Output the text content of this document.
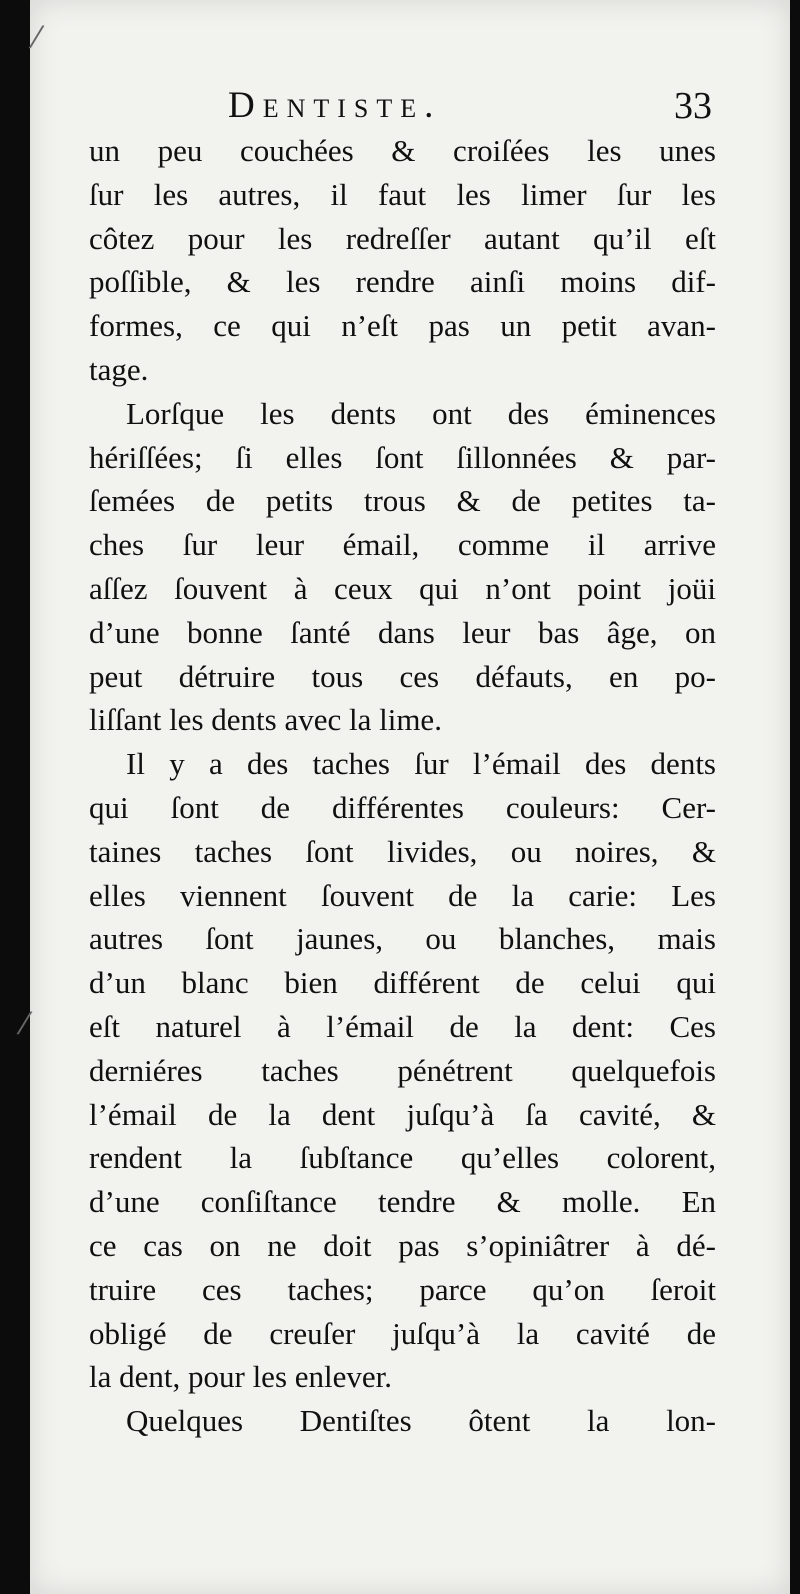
⁄
⁄
Dentiste.	33
un peu couchées & croiſées les unes
ſur les autres, il faut les limer ſur les
côtez pour les redreſſer autant qu’il eſt
poſſible, & les rendre ainſi moins dif-
formes, ce qui n’eſt pas un petit avan-
tage.
Lorſque les dents ont des éminences
hériſſées; ſi elles ſont ſillonnées & par-
ſemées de petits trous & de petites ta-
ches ſur leur émail, comme il arrive
aſſez ſouvent à ceux qui n’ont point joüi
d’une bonne ſanté dans leur bas âge, on
peut détruire tous ces défauts, en po-
liſſant les dents avec la lime.
Il y a des taches ſur l’émail des dents
qui ſont de différentes couleurs: Cer-
taines taches ſont livides, ou noires, &
elles viennent ſouvent de la carie: Les
autres ſont jaunes, ou blanches, mais
d’un blanc bien différent de celui qui
eſt naturel à l’émail de la dent: Ces
derniéres taches pénétrent quelquefois
l’émail de la dent juſqu’à ſa cavité, &
rendent la ſubſtance qu’elles colorent,
d’une conſiſtance tendre & molle. En
ce cas on ne doit pas s’opiniâtrer à dé-
truire ces taches; parce qu’on ſeroit
obligé de creuſer juſqu’à la cavité de
la dent, pour les enlever.
Quelques Dentiſtes ôtent la lon-
